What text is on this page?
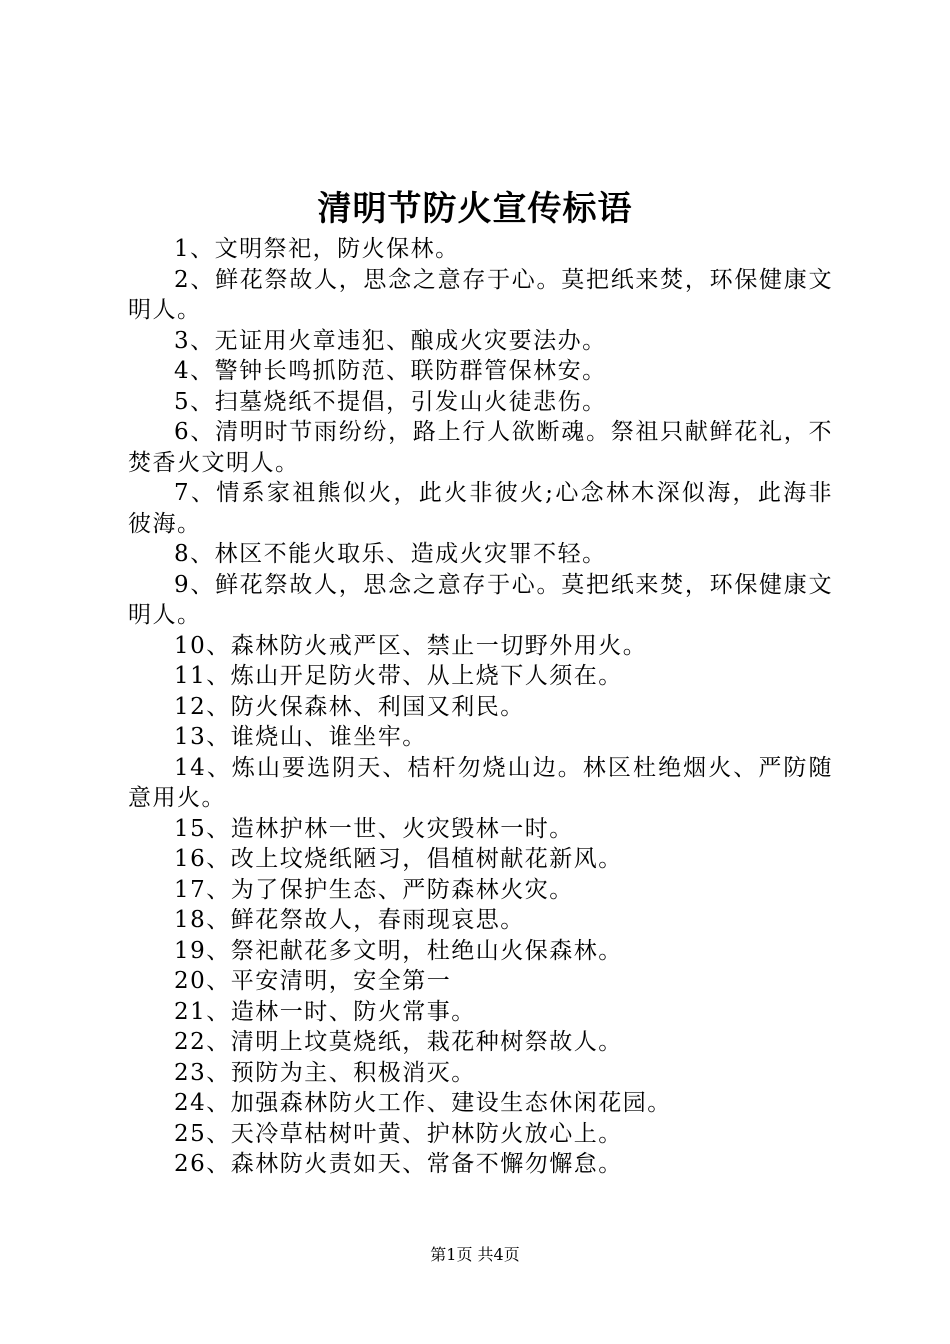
清明节防火宣传标语

1、文明祭祀，防火保林。

2、鲜花祭故人，思念之意存于心。莫把纸来焚，环保健康文明人。

3、无证用火章违犯、酿成火灾要法办。

4、警钟长鸣抓防范、联防群管保林安。

5、扫墓烧纸不提倡，引发山火徒悲伤。

6、清明时节雨纷纷，路上行人欲断魂。祭祖只献鲜花礼，不焚香火文明人。

7、情系家祖熊似火，此火非彼火;心念林木深似海，此海非彼海。

8、林区不能火取乐、造成火灾罪不轻。

9、鲜花祭故人，思念之意存于心。莫把纸来焚，环保健康文明人。

10、森林防火戒严区、禁止一切野外用火。

11、炼山开足防火带、从上烧下人须在。

12、防火保森林、利国又利民。

13、谁烧山、谁坐牢。

14、炼山要选阴天、桔杆勿烧山边。林区杜绝烟火、严防随意用火。

15、造林护林一世、火灾毁林一时。

16、改上坟烧纸陋习，倡植树献花新风。

17、为了保护生态、严防森林火灾。

18、鲜花祭故人，春雨现哀思。

19、祭祀献花多文明，杜绝山火保森林。

20、平安清明，安全第一

21、造林一时、防火常事。

22、清明上坟莫烧纸，栽花种树祭故人。

23、预防为主、积极消灭。

24、加强森林防火工作、建设生态休闲花园。

25、天冷草枯树叶黄、护林防火放心上。

26、森林防火责如天、常备不懈勿懈怠。

第1页 共4页
